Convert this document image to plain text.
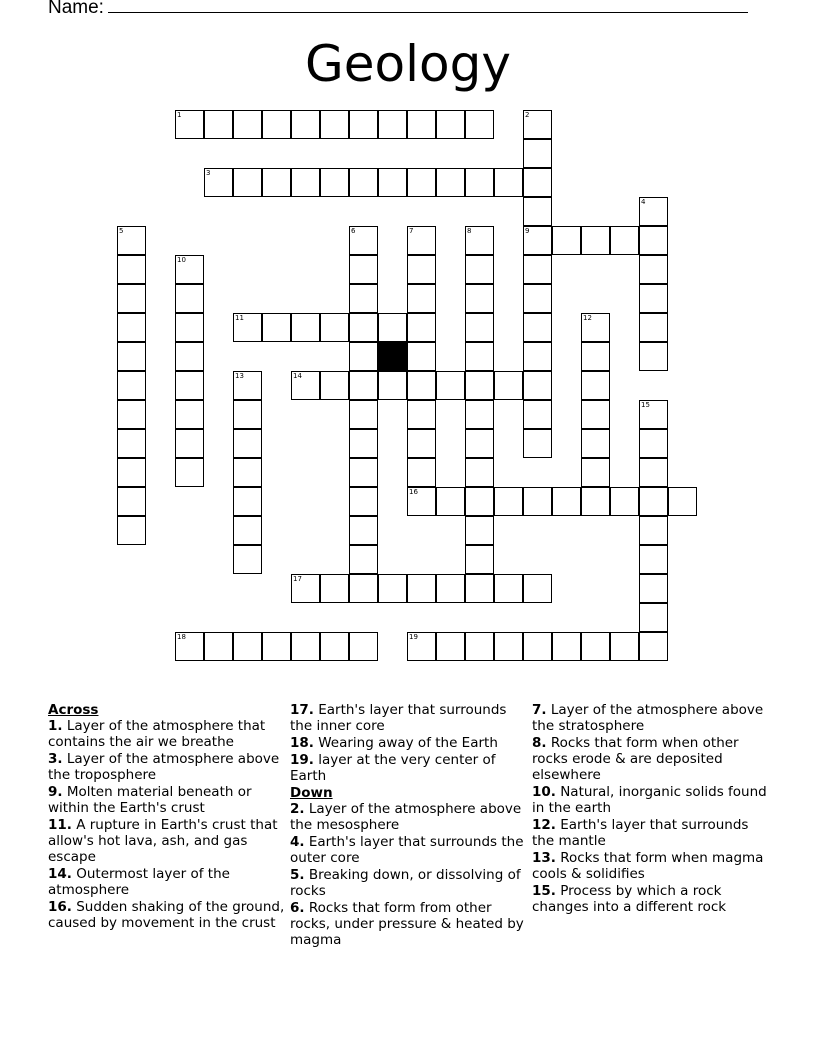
Name:
Geology
1	2
3
4
5	6	7	8	9
10
11	12
13	14
15
16
17
18	19
Across
1. Layer of the atmosphere that contains the air we breathe
3. Layer of the atmosphere above the troposphere
9. Molten material beneath or within the Earth's crust
11. A rupture in Earth's crust that allow's hot lava, ash, and gas escape
14. Outermost layer of the atmosphere
16. Sudden shaking of the ground, caused by movement in the crust
17. Earth's layer that surrounds the inner core
18. Wearing away of the Earth
19. layer at the very center of Earth
Down
2. Layer of the atmosphere above the mesosphere
4. Earth's layer that surrounds the outer core
5. Breaking down, or dissolving of rocks
6. Rocks that form from other rocks, under pressure & heated by magma
7. Layer of the atmosphere above the stratosphere
8. Rocks that form when other rocks erode & are deposited elsewhere
10. Natural, inorganic solids found in the earth
12. Earth's layer that surrounds the mantle
13. Rocks that form when magma cools & solidifies
15. Process by which a rock changes into a different rock
